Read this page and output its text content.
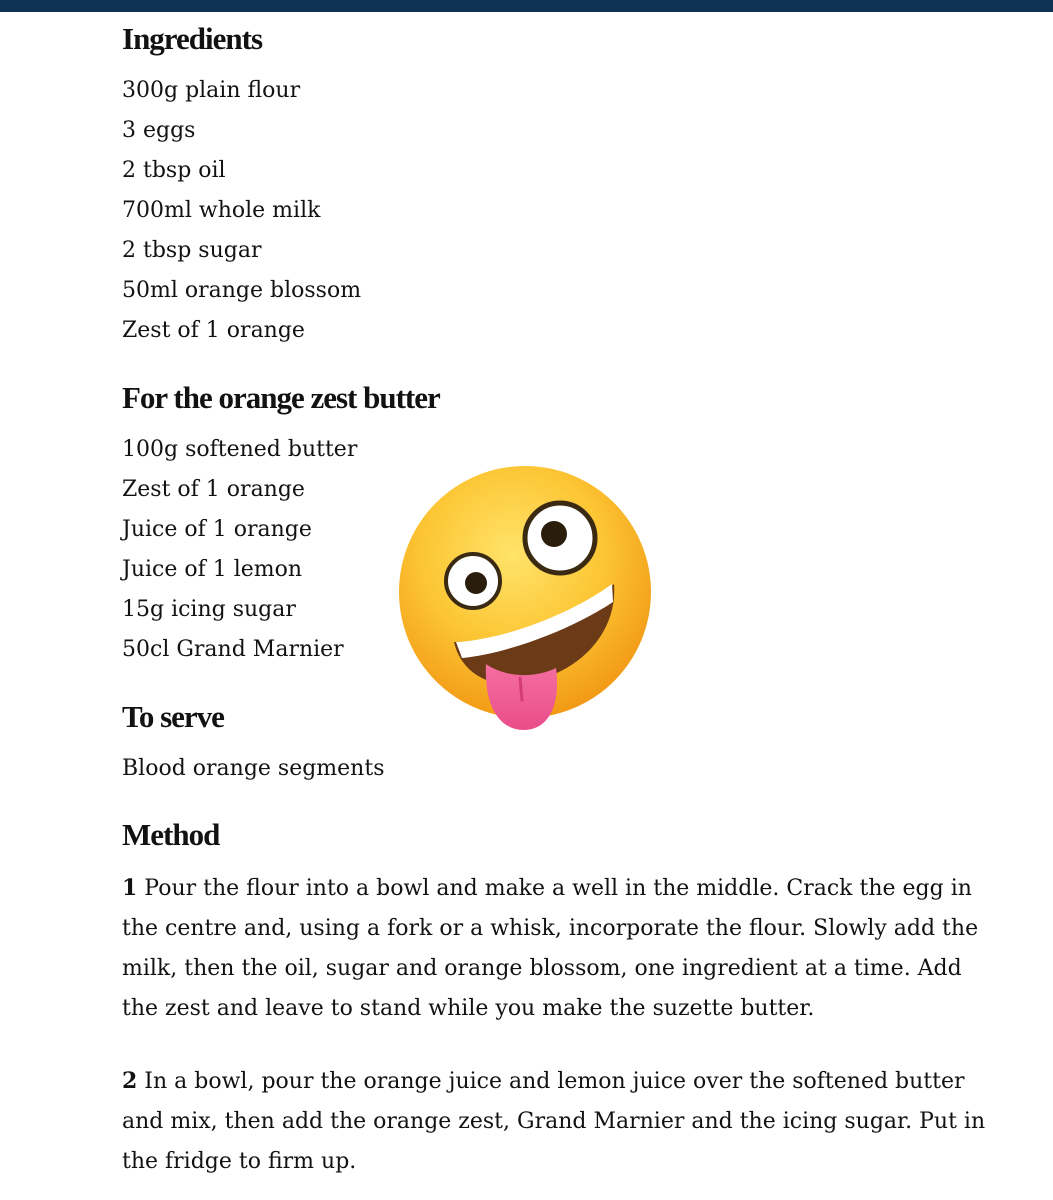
Ingredients
300g plain flour
3 eggs
2 tbsp oil
700ml whole milk
2 tbsp sugar
50ml orange blossom
Zest of 1 orange
For the orange zest butter
100g softened butter
Zest of 1 orange
Juice of 1 orange
Juice of 1 lemon
15g icing sugar
50cl Grand Marnier
To serve
Blood orange segments
Method
1 Pour the flour into a bowl and make a well in the middle. Crack the egg in the centre and, using a fork or a whisk, incorporate the flour. Slowly add the milk, then the oil, sugar and orange blossom, one ingredient at a time. Add the zest and leave to stand while you make the suzette butter.
2 In a bowl, pour the orange juice and lemon juice over the softened butter and mix, then add the orange zest, Grand Marnier and the icing sugar. Put in the fridge to firm up.
